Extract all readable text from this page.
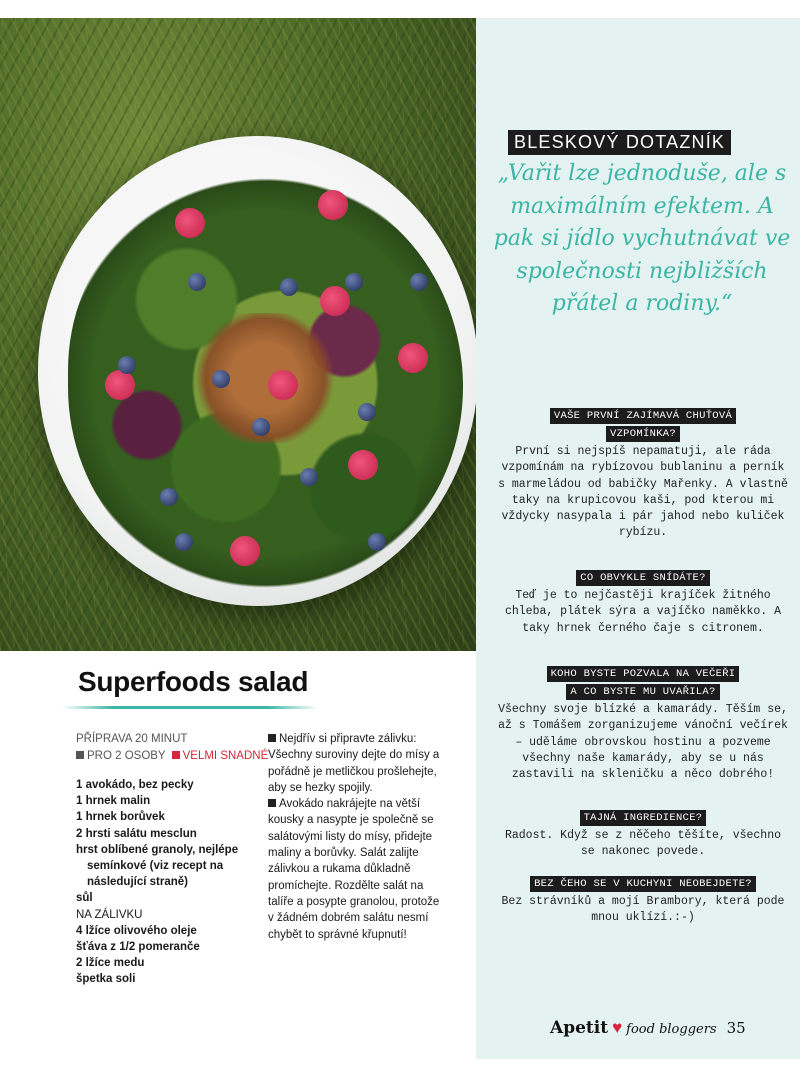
BLESKOVÝ DOTAZNÍK
„Vařit lze jednoduše, ale s maximálním efektem. A pak si jídlo vychutnávat ve společnosti nejbližších přátel a rodiny.“
VAŠE PRVNÍ ZAJÍMAVÁ CHUŤOVÁ
VZPOMÍNKA?
První si nejspíš nepamatuji, ale ráda vzpomínám na rybízovou bublaninu a perník s marmeládou od babičky Mařenky. A vlastně taky na krupicovou kaši, pod kterou mi vždycky nasypala i pár jahod nebo kuliček rybízu.
CO OBVYKLE SNÍDÁTE?
Teď je to nejčastěji krajíček žitného chleba, plátek sýra a vajíčko naměkko. A taky hrnek černého čaje s citronem.
KOHO BYSTE POZVALA NA VEČEŘI
A CO BYSTE MU UVAŘILA?
Všechny svoje blízké a kamarády. Těším se, až s Tomášem zorganizujeme vánoční večírek – uděláme obrovskou hostinu a pozveme všechny naše kamarády, aby se u nás zastavili na skleničku a něco dobrého!
TAJNÁ INGREDIENCE?
Radost. Když se z něčeho těšíte, všechno se nakonec povede.
BEZ ČEHO SE V KUCHYNI NEOBEJDETE?
Bez strávníků a mojí Brambory, která pode mnou uklízí.:-)
Superfoods salad
PŘÍPRAVA 20 MINUT
PRO 2 OSOBY VELMI SNADNÉ
1 avokádo, bez pecky
1 hrnek malin
1 hrnek borůvek
2 hrsti salátu mesclun
hrst oblíbené granoly, nejlépe
semínkové (viz recept na
následující straně)
sůl
NA ZÁLIVKU
4 lžíce olivového oleje
šťáva z 1/2 pomeranče
2 lžíce medu
špetka soli

Nejdřív si připravte zálivku: Všechny suroviny dejte do mísy a pořádně je metličkou prošlehejte, aby se hezky spojily.

Avokádo nakrájejte na větší kousky a nasypte je společně se salátovými listy do mísy, přidejte maliny a borůvky. Salát zalijte zálivkou a rukama důkladně promíchejte. Rozdělte salát na talíře a posypte granolou, protože v žádném dobrém salátu nesmí chybět to správné křupnutí!

Apetit ♥ food bloggers 35
